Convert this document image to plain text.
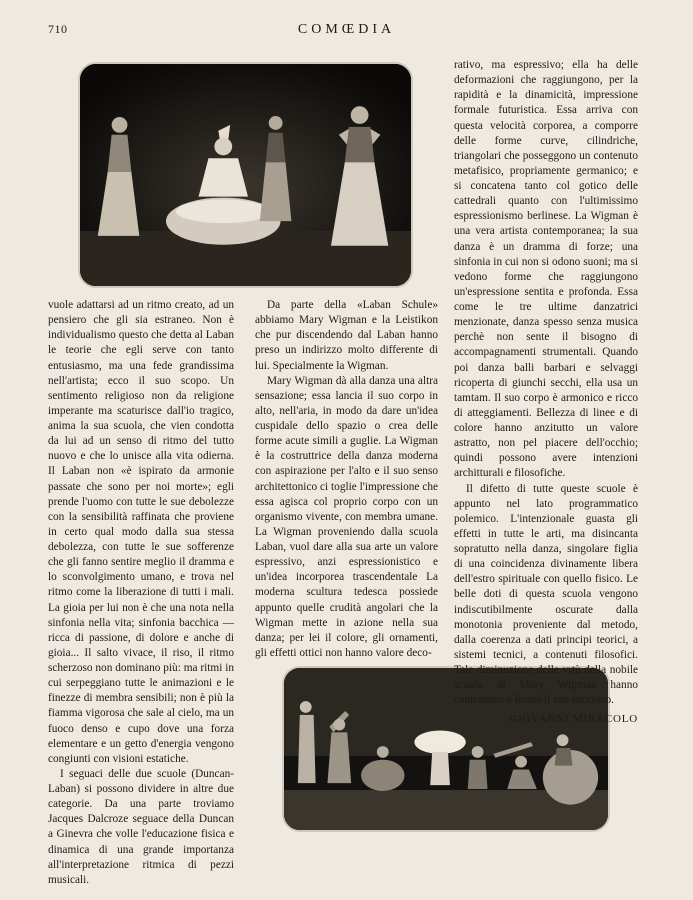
710	COMŒDIA

vuole adattarsi ad un ritmo creato, ad un pensiero che gli sia estraneo. Non è individualismo questo che detta al Laban le teorie che egli serve con tanto entusiasmo, ma una fede grandissima nell'artista; ecco il suo scopo. Un sentimento religioso non da religione imperante ma scaturisce dall'io tragico, anima la sua scuola, che vien condotta da lui ad un senso di ritmo del tutto nuovo e che lo unisce alla vita odierna. Il Laban non «è ispirato da armonie passate che sono per noi morte»; egli prende l'uomo con tutte le sue debolezze con la sensibilità raffinata che proviene in certo qual modo dalla sua stessa debolezza, con tutte le sue sofferenze che gli fanno sentire meglio il dramma e lo sconvolgimento umano, e trova nel ritmo come la liberazione di tutti i mali. La gioia per lui non è che una nota nella sinfonia nella vita; sinfonia bacchica — ricca di passione, di dolore e anche di gioia... Il salto vivace, il riso, il ritmo scherzoso non dominano più: ma ritmi in cui serpeggiano tutte le animazioni e le finezze di membra sensibili; non è più la fiamma vigorosa che sale al cielo, ma un fuoco denso e cupo dove una forza elementare e un getto d'energia vengono congiunti con visioni estatiche.

I seguaci delle due scuole (Duncan-Laban) si possono dividere in altre due categorie. Da una parte troviamo Jacques Dalcroze seguace della Duncan a Ginevra che volle l'educazione fisica e dinamica di una grande importanza all'interpretazione ritmica di pezzi musicali.

Da parte della «Laban Schule» abbiamo Mary Wigman e la Leistikon che pur discendendo dal Laban hanno preso un indirizzo molto differente di lui. Specialmente la Wigman.

Mary Wigman dà alla danza una altra sensazione; essa lancia il suo corpo in alto, nell'aria, in modo da dare un'idea cuspidale dello spazio o crea delle forme acute simili a guglie. La Wigman è la costruttrice della danza moderna con aspirazione per l'alto e il suo senso architettonico ci toglie l'impressione che essa agisca col proprio corpo con un organismo vivente, con membra umane. La Wigman proveniendo dalla scuola Laban, vuol dare alla sua arte un valore espressivo, anzi espressionistico e un'idea incorporea trascendentale La moderna scultura tedesca possiede appunto quelle crudità angolari che la Wigman mette in azione nella sua danza; per lei il colore, gli ornamenti, gli effetti ottici non hanno valore deco-

rativo, ma espressivo; ella ha delle deformazioni che raggiungono, per la rapidità e la dinamicità, impressione formale futuristica. Essa arriva con questa velocità corporea, a comporre delle forme curve, cilindriche, triangolari che posseggono un contenuto metafisico, propriamente germanico; e si concatena tanto col gotico delle cattedrali quanto con l'ultimissimo espressionismo berlinese. La Wigman è una vera artista contemporanea; la sua danza è un dramma di forze; una sinfonia in cui non si odono suoni; ma si vedono forme che raggiungono un'espressione sentita e profonda. Essa come le tre ultime danzatrici menzionate, danza spesso senza musica perchè non sente il bisogno di accompagnamenti strumentali. Quando poi danza balli barbari e selvaggi ricoperta di giunchi secchi, ella usa un tamtam. Il suo corpo è armonico e ricco di atteggiamenti. Bellezza di linee e di colore hanno anzitutto un valore astratto, non pel piacere dell'occhio; quindi possono avere intenzioni architturali e filosofiche.

Il difetto di tutte queste scuole è appunto nel lato programmatico polemico. L'intenzionale guasta gli effetti in tutte le arti, ma disincanta sopratutto nella danza, singolare figlia di una coincidenza divinamente libera dell'estro spirituale con quello fisico. Le belle doti di questa scuola vengono indiscutibilmente oscurate dalla monotonia proveniente dal metodo, dalla coerenza a dati principi teorici, a sistemi tecnici, a contenuti filosofici. Tale diminuzione delle vrtù della nobile scuola di Mary Wigman hanno contrastato a Roma il suo successo.

GIOVANNI MIRACOLO
